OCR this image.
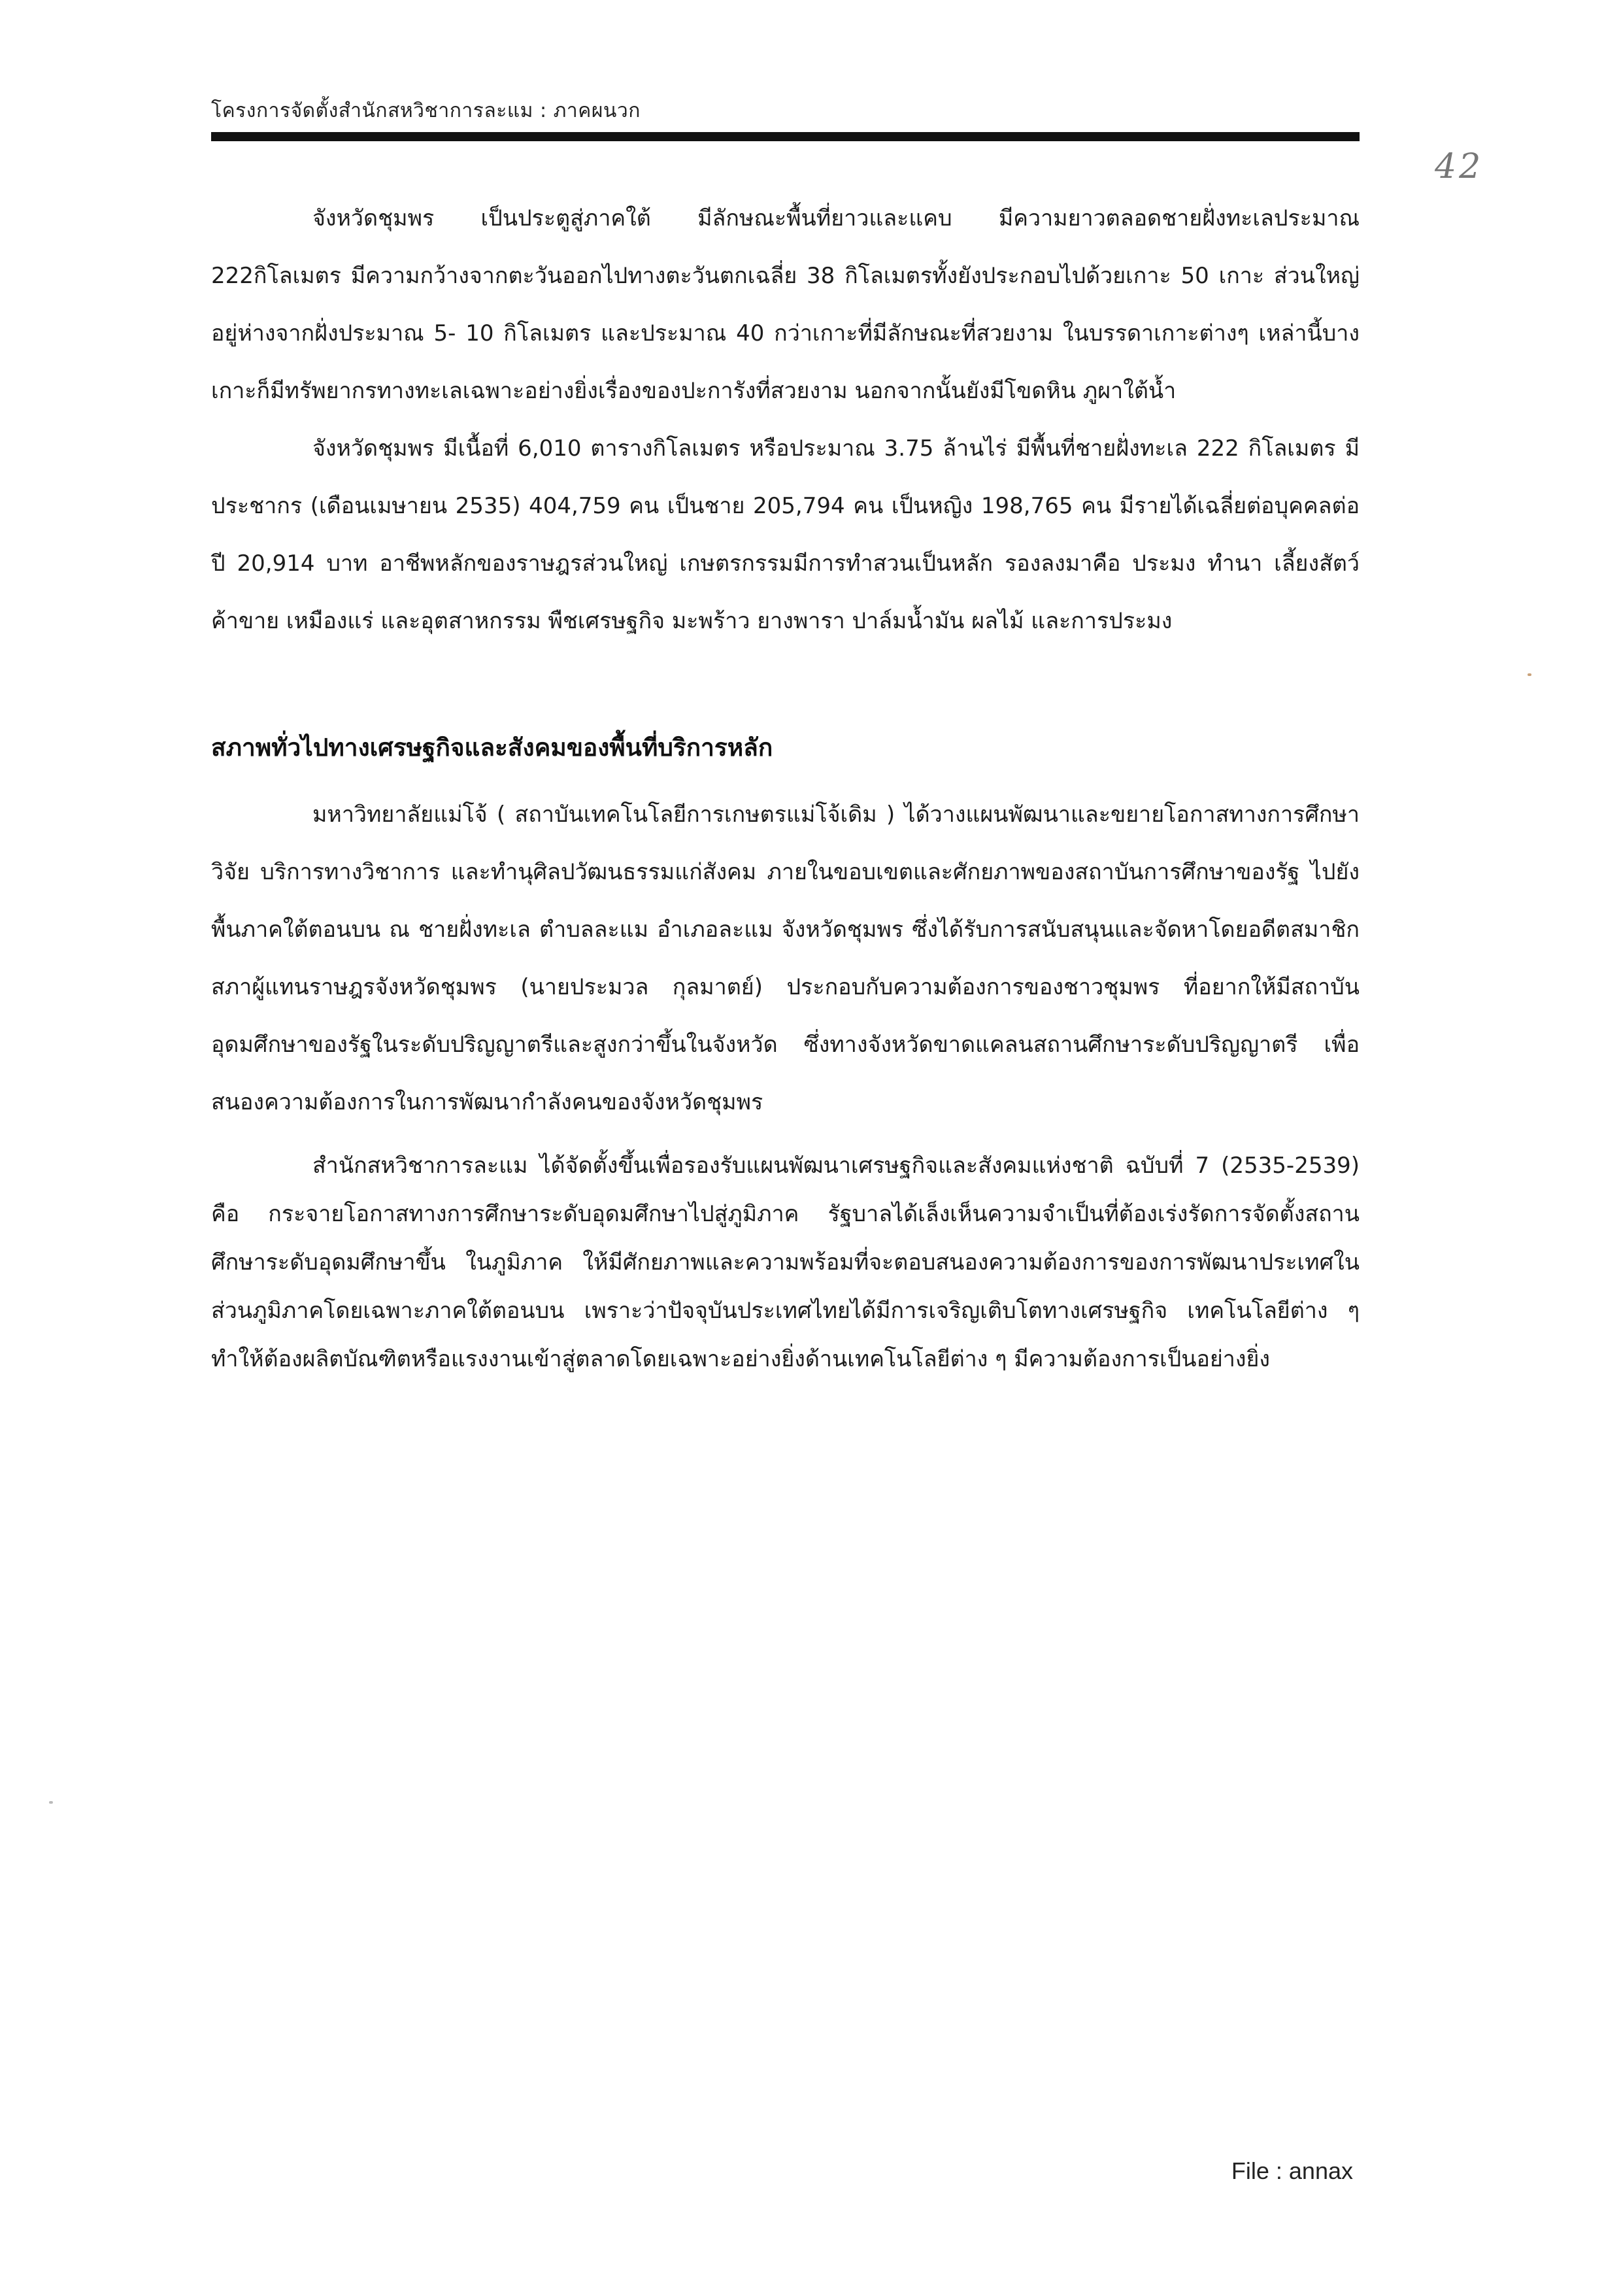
โครงการจัดตั้งสำนักสหวิชาการละแม : ภาคผนวก
42

จังหวัดชุมพร เป็นประตูสู่ภาคใต้ มีลักษณะพื้นที่ยาวและแคบ มีความยาวตลอดชายฝั่งทะเลประมาณ 222กิโลเมตร มีความกว้างจากตะวันออกไปทางตะวันตกเฉลี่ย 38 กิโลเมตรทั้งยังประกอบไปด้วยเกาะ 50 เกาะ ส่วนใหญ่อยู่ห่างจากฝั่งประมาณ 5- 10 กิโลเมตร และประมาณ 40 กว่าเกาะที่มีลักษณะที่สวยงาม ในบรรดาเกาะต่างๆ เหล่านี้บางเกาะก็มีทรัพยากรทางทะเลเฉพาะอย่างยิ่งเรื่องของปะการังที่สวยงาม นอกจากนั้นยังมีโขดหิน ภูผาใต้น้ำ

จังหวัดชุมพร มีเนื้อที่ 6,010 ตารางกิโลเมตร หรือประมาณ 3.75 ล้านไร่ มีพื้นที่ชายฝั่งทะเล 222 กิโลเมตร มีประชากร (เดือนเมษายน 2535) 404,759 คน เป็นชาย 205,794 คน เป็นหญิง 198,765 คน มีรายได้เฉลี่ยต่อบุคคลต่อปี 20,914 บาท อาชีพหลักของราษฎรส่วนใหญ่ เกษตรกรรมมีการทำสวนเป็นหลัก รองลงมาคือ ประมง ทำนา เลี้ยงสัตว์ ค้าขาย เหมืองแร่ และอุตสาหกรรม พืชเศรษฐกิจ มะพร้าว ยางพารา ปาล์มน้ำมัน ผลไม้ และการประมง

สภาพทั่วไปทางเศรษฐกิจและสังคมของพื้นที่บริการหลัก

มหาวิทยาลัยแม่โจ้ ( สถาบันเทคโนโลยีการเกษตรแม่โจ้เดิม ) ได้วางแผนพัฒนาและขยายโอกาสทางการศึกษาวิจัย บริการทางวิชาการ และทำนุศิลปวัฒนธรรมแก่สังคม ภายในขอบเขตและศักยภาพของสถาบันการศึกษาของรัฐ ไปยังพื้นภาคใต้ตอนบน ณ ชายฝั่งทะเล ตำบลละแม อำเภอละแม จังหวัดชุมพร ซึ่งได้รับการสนับสนุนและจัดหาโดยอดีตสมาชิกสภาผู้แทนราษฎรจังหวัดชุมพร (นายประมวล กุลมาตย์) ประกอบกับความต้องการของชาวชุมพร ที่อยากให้มีสถาบันอุดมศึกษาของรัฐในระดับปริญญาตรีและสูงกว่าขึ้นในจังหวัด ซึ่งทางจังหวัดขาดแคลนสถานศึกษาระดับปริญญาตรี เพื่อสนองความต้องการในการพัฒนากำลังคนของจังหวัดชุมพร

สำนักสหวิชาการละแม ได้จัดตั้งขึ้นเพื่อรองรับแผนพัฒนาเศรษฐกิจและสังคมแห่งชาติ ฉบับที่ 7 (2535-2539) คือ กระจายโอกาสทางการศึกษาระดับอุดมศึกษาไปสู่ภูมิภาค รัฐบาลได้เล็งเห็นความจำเป็นที่ต้องเร่งรัดการจัดตั้งสถานศึกษาระดับอุดมศึกษาขึ้น ในภูมิภาค ให้มีศักยภาพและความพร้อมที่จะตอบสนองความต้องการของการพัฒนาประเทศในส่วนภูมิภาคโดยเฉพาะภาคใต้ตอนบน เพราะว่าปัจจุบันประเทศไทยได้มีการเจริญเติบโตทางเศรษฐกิจ เทคโนโลยีต่าง ๆ ทำให้ต้องผลิตบัณฑิตหรือแรงงานเข้าสู่ตลาดโดยเฉพาะอย่างยิ่งด้านเทคโนโลยีต่าง ๆ มีความต้องการเป็นอย่างยิ่ง

File : annax
